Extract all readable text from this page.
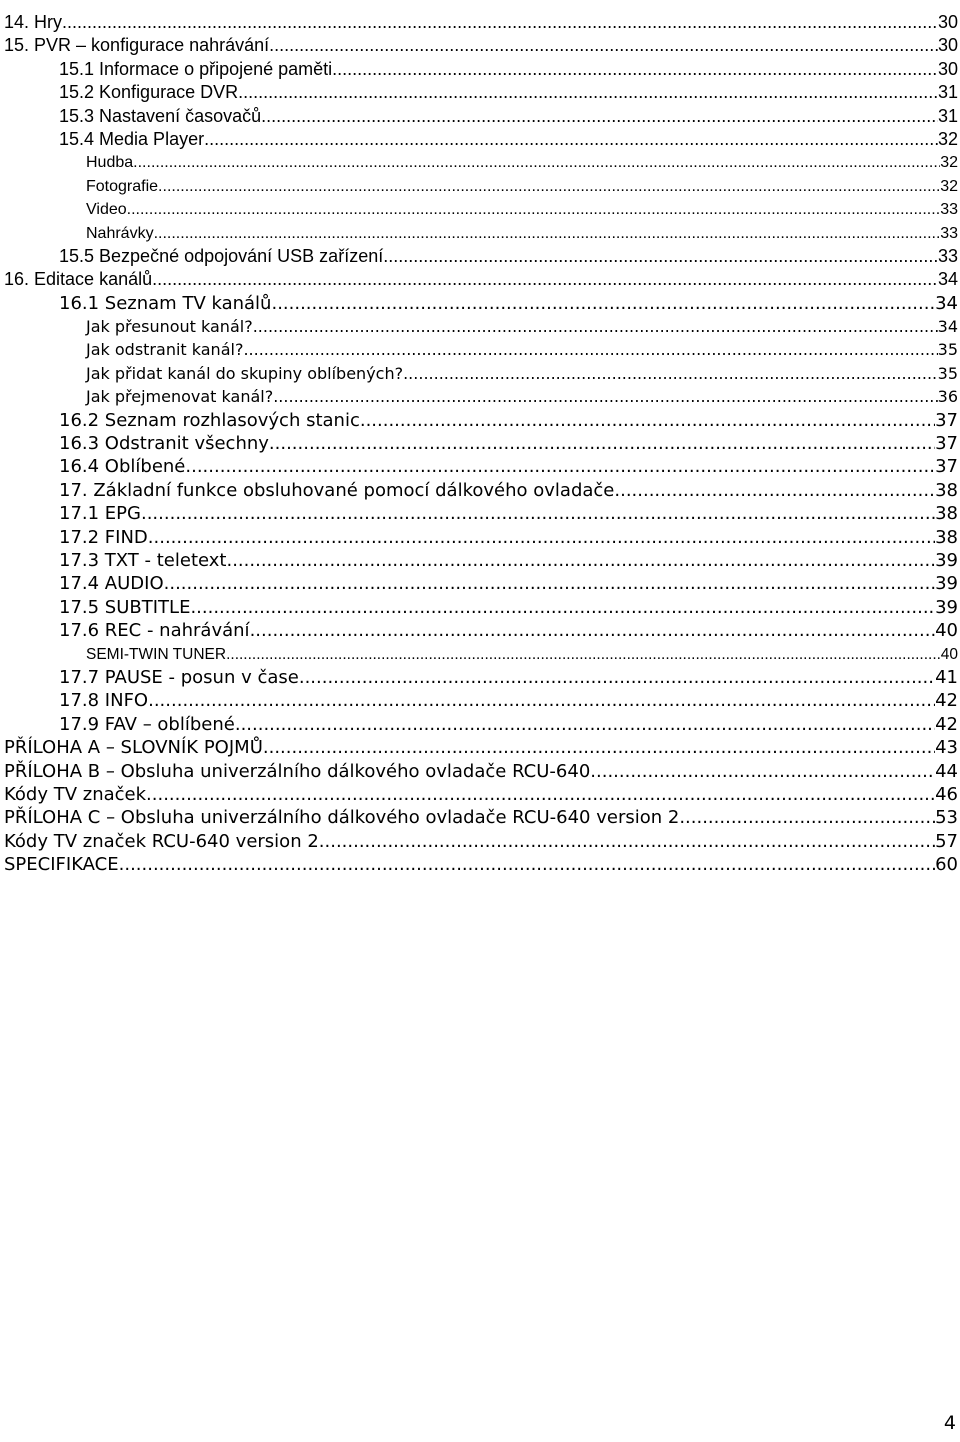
14. Hry .....	30
15. PVR – konfigurace nahrávání .....	30
15.1 Informace o připojené paměti .....	30
15.2 Konfigurace DVR .....	31
15.3 Nastavení časovačů .....	31
15.4 Media Player .....	32
Hudba .....	32
Fotografie .....	32
Video .....	33
Nahrávky .....	33
15.5 Bezpečné odpojování USB zařízení .....	33
16. Editace kanálů .....	34
16.1 Seznam TV kanálů .....	34
Jak přesunout kanál? .....	34
Jak odstranit kanál? .....	35
Jak přidat kanál do skupiny oblíbených? .....	35
Jak přejmenovat kanál? .....	36
16.2 Seznam rozhlasových stanic .....	37
16.3 Odstranit všechny .....	37
16.4 Oblíbené .....	37
17. Základní funkce obsluhované pomocí dálkového ovladače .....	38
17.1 EPG .....	38
17.2 FIND .....	38
17.3 TXT - teletext .....	39
17.4 AUDIO .....	39
17.5 SUBTITLE .....	39
17.6 REC - nahrávání .....	40
SEMI-TWIN TUNER .....	40
17.7 PAUSE - posun v čase .....	41
17.8 INFO .....	42
17.9 FAV – oblíbené .....	42
PŘÍLOHA A – SLOVNÍK POJMŮ .....	43
PŘÍLOHA B – Obsluha univerzálního dálkového ovladače RCU-640 .....	44
Kódy TV značek .....	46
PŘÍLOHA C – Obsluha univerzálního dálkového ovladače RCU-640 version 2 .....	53
Kódy TV značek RCU-640 version 2 .....	57
SPECIFIKACE .....	60
4
